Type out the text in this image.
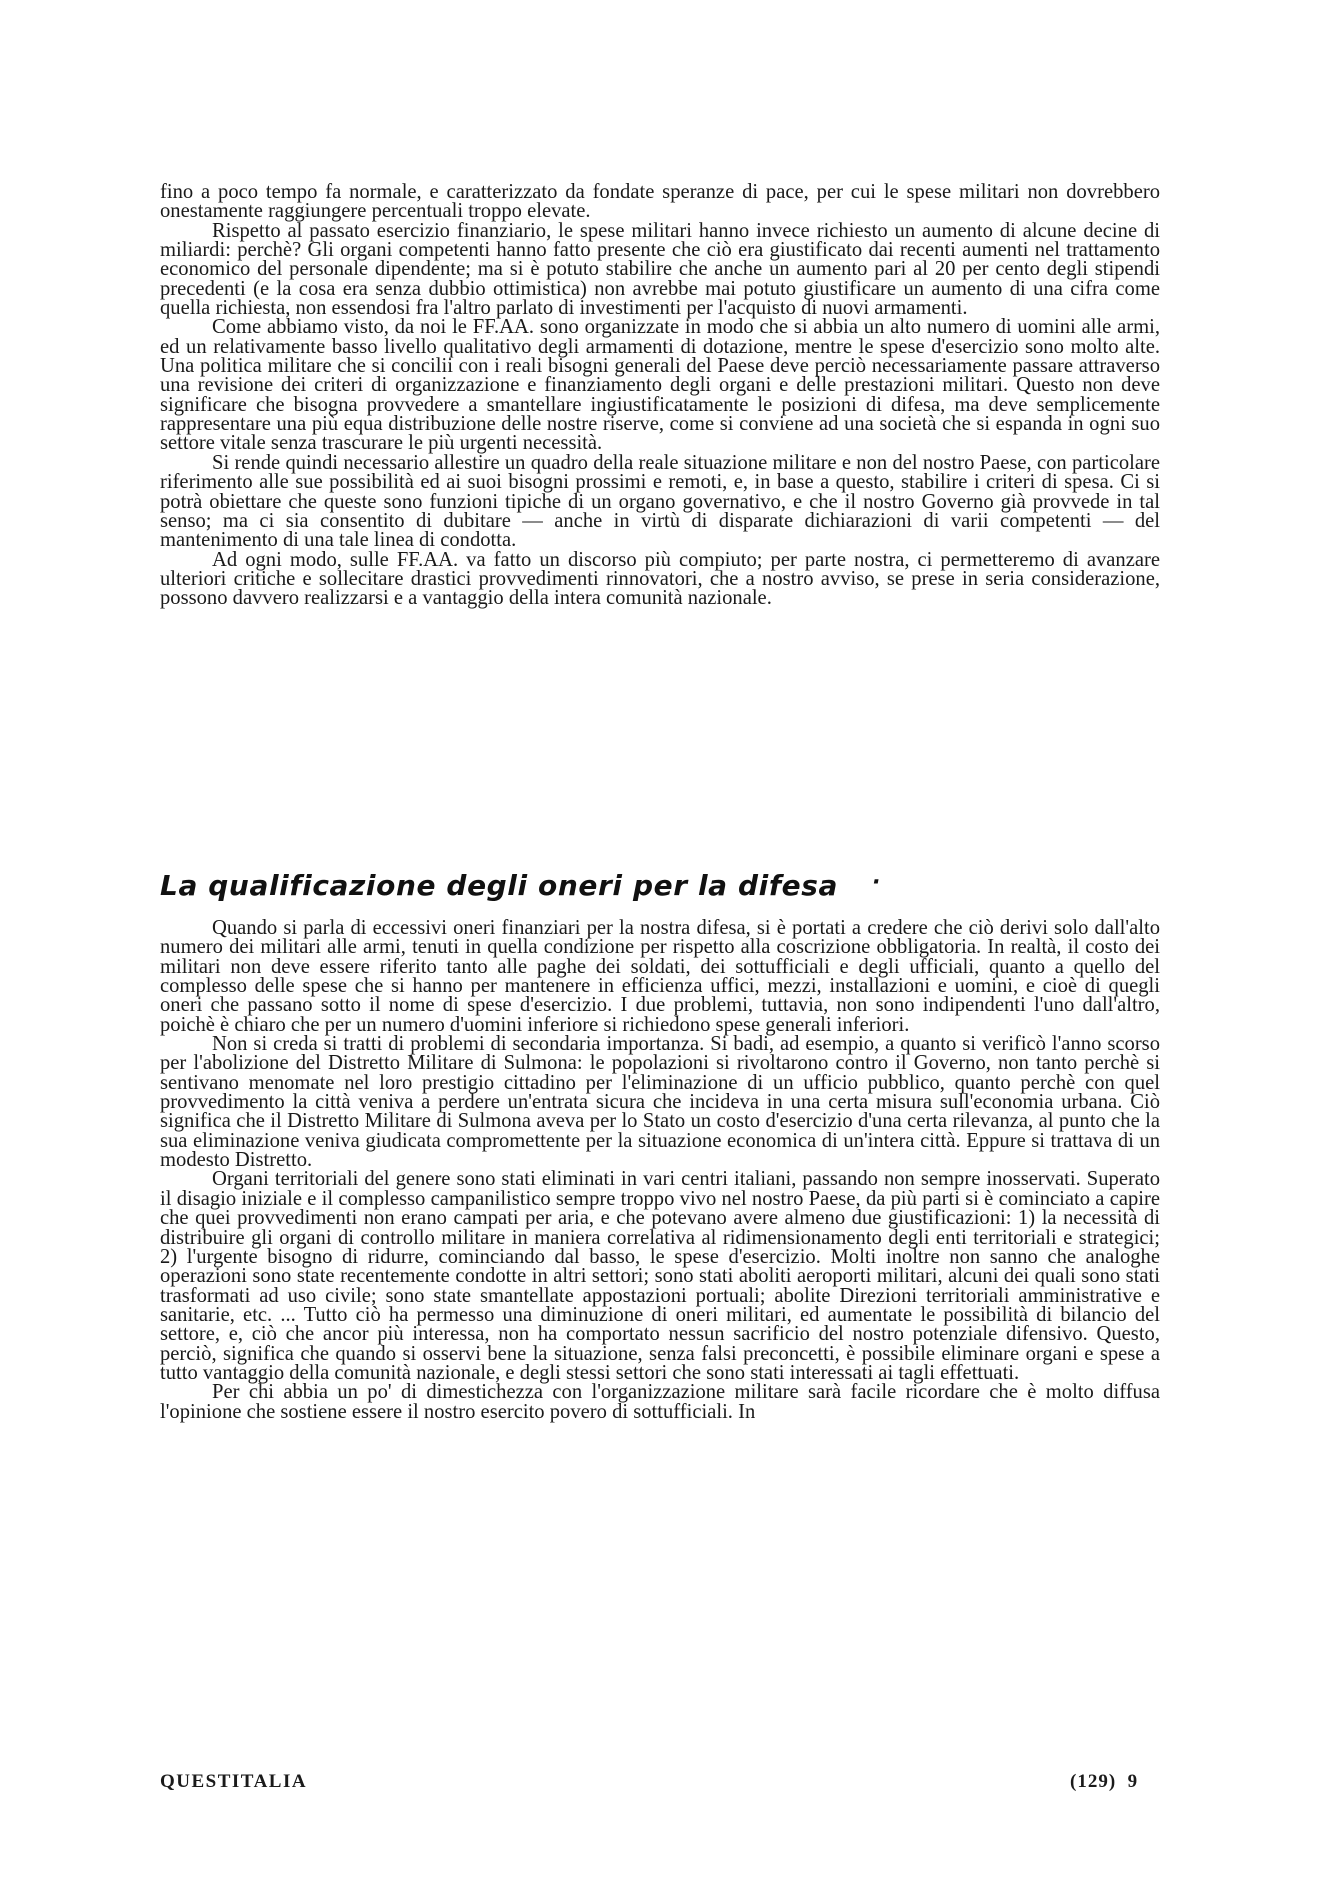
fino a poco tempo fa normale, e caratterizzato da fondate speranze di pace, per cui le spese militari non dovrebbero onestamente raggiungere percentuali troppo elevate.

Rispetto al passato esercizio finanziario, le spese militari hanno invece richiesto un aumento di alcune decine di miliardi: perchè? Gli organi competenti hanno fatto presente che ciò era giustificato dai recenti aumenti nel trattamento economico del personale dipendente; ma si è potuto stabilire che anche un aumento pari al 20 per cento degli stipendi precedenti (e la cosa era senza dubbio ottimistica) non avrebbe mai potuto giustificare un aumento di una cifra come quella richiesta, non essendosi fra l'altro parlato di investimenti per l'acquisto di nuovi armamenti.

Come abbiamo visto, da noi le FF.AA. sono organizzate in modo che si abbia un alto numero di uomini alle armi, ed un relativamente basso livello qualitativo degli armamenti di dotazione, mentre le spese d'esercizio sono molto alte. Una politica militare che si concilii con i reali bisogni generali del Paese deve perciò necessariamente passare attraverso una revisione dei criteri di organizzazione e finanziamento degli organi e delle prestazioni militari. Questo non deve significare che bisogna provvedere a smantellare ingiustificatamente le posizioni di difesa, ma deve semplicemente rappresentare una più equa distribuzione delle nostre riserve, come si conviene ad una società che si espanda in ogni suo settore vitale senza trascurare le più urgenti necessità.

Si rende quindi necessario allestire un quadro della reale situazione militare e non del nostro Paese, con particolare riferimento alle sue possibilità ed ai suoi bisogni prossimi e remoti, e, in base a questo, stabilire i criteri di spesa. Ci si potrà obiettare che queste sono funzioni tipiche di un organo governativo, e che il nostro Governo già provvede in tal senso; ma ci sia consentito di dubitare — anche in virtù di disparate dichiarazioni di varii competenti — del mantenimento di una tale linea di condotta.

Ad ogni modo, sulle FF.AA. va fatto un discorso più compiuto; per parte nostra, ci permetteremo di avanzare ulteriori critiche e sollecitare drastici provvedimenti rinnovatori, che a nostro avviso, se prese in seria considerazione, possono davvero realizzarsi e a vantaggio della intera comunità nazionale.

La qualificazione degli oneri per la difesa ·

Quando si parla di eccessivi oneri finanziari per la nostra difesa, si è portati a credere che ciò derivi solo dall'alto numero dei militari alle armi, tenuti in quella condizione per rispetto alla coscrizione obbligatoria. In realtà, il costo dei militari non deve essere riferito tanto alle paghe dei soldati, dei sottufficiali e degli ufficiali, quanto a quello del complesso delle spese che si hanno per mantenere in efficienza uffici, mezzi, installazioni e uomini, e cioè di quegli oneri che passano sotto il nome di spese d'esercizio. I due problemi, tuttavia, non sono indipendenti l'uno dall'altro, poichè è chiaro che per un numero d'uomini inferiore si richiedono spese generali inferiori.

Non si creda si tratti di problemi di secondaria importanza. Si badi, ad esempio, a quanto si verificò l'anno scorso per l'abolizione del Distretto Militare di Sulmona: le popolazioni si rivoltarono contro il Governo, non tanto perchè si sentivano menomate nel loro prestigio cittadino per l'eliminazione di un ufficio pubblico, quanto perchè con quel provvedimento la città veniva a perdere un'entrata sicura che incideva in una certa misura sull'economia urbana. Ciò significa che il Distretto Militare di Sulmona aveva per lo Stato un costo d'esercizio d'una certa rilevanza, al punto che la sua eliminazione veniva giudicata compromettente per la situazione economica di un'intera città. Eppure si trattava di un modesto Distretto.

Organi territoriali del genere sono stati eliminati in vari centri italiani, passando non sempre inosservati. Superato il disagio iniziale e il complesso campanilistico sempre troppo vivo nel nostro Paese, da più parti si è cominciato a capire che quei provvedimenti non erano campati per aria, e che potevano avere almeno due giustificazioni: 1) la necessità di distribuire gli organi di controllo militare in maniera correlativa al ridimensionamento degli enti territoriali e strategici; 2) l'urgente bisogno di ridurre, cominciando dal basso, le spese d'esercizio. Molti inoltre non sanno che analoghe operazioni sono state recentemente condotte in altri settori; sono stati aboliti aeroporti militari, alcuni dei quali sono stati trasformati ad uso civile; sono state smantellate appostazioni portuali; abolite Direzioni territoriali amministrative e sanitarie, etc. ... Tutto ciò ha permesso una diminuzione di oneri militari, ed aumentate le possibilità di bilancio del settore, e, ciò che ancor più interessa, non ha comportato nessun sacrificio del nostro potenziale difensivo. Questo, perciò, significa che quando si osservi bene la situazione, senza falsi preconcetti, è possibile eliminare organi e spese a tutto vantaggio della comunità nazionale, e degli stessi settori che sono stati interessati ai tagli effettuati.

Per chi abbia un po' di dimestichezza con l'organizzazione militare sarà facile ricordare che è molto diffusa l'opinione che sostiene essere il nostro esercito povero di sottufficiali. In

QUESTITALIA	(129) 9
